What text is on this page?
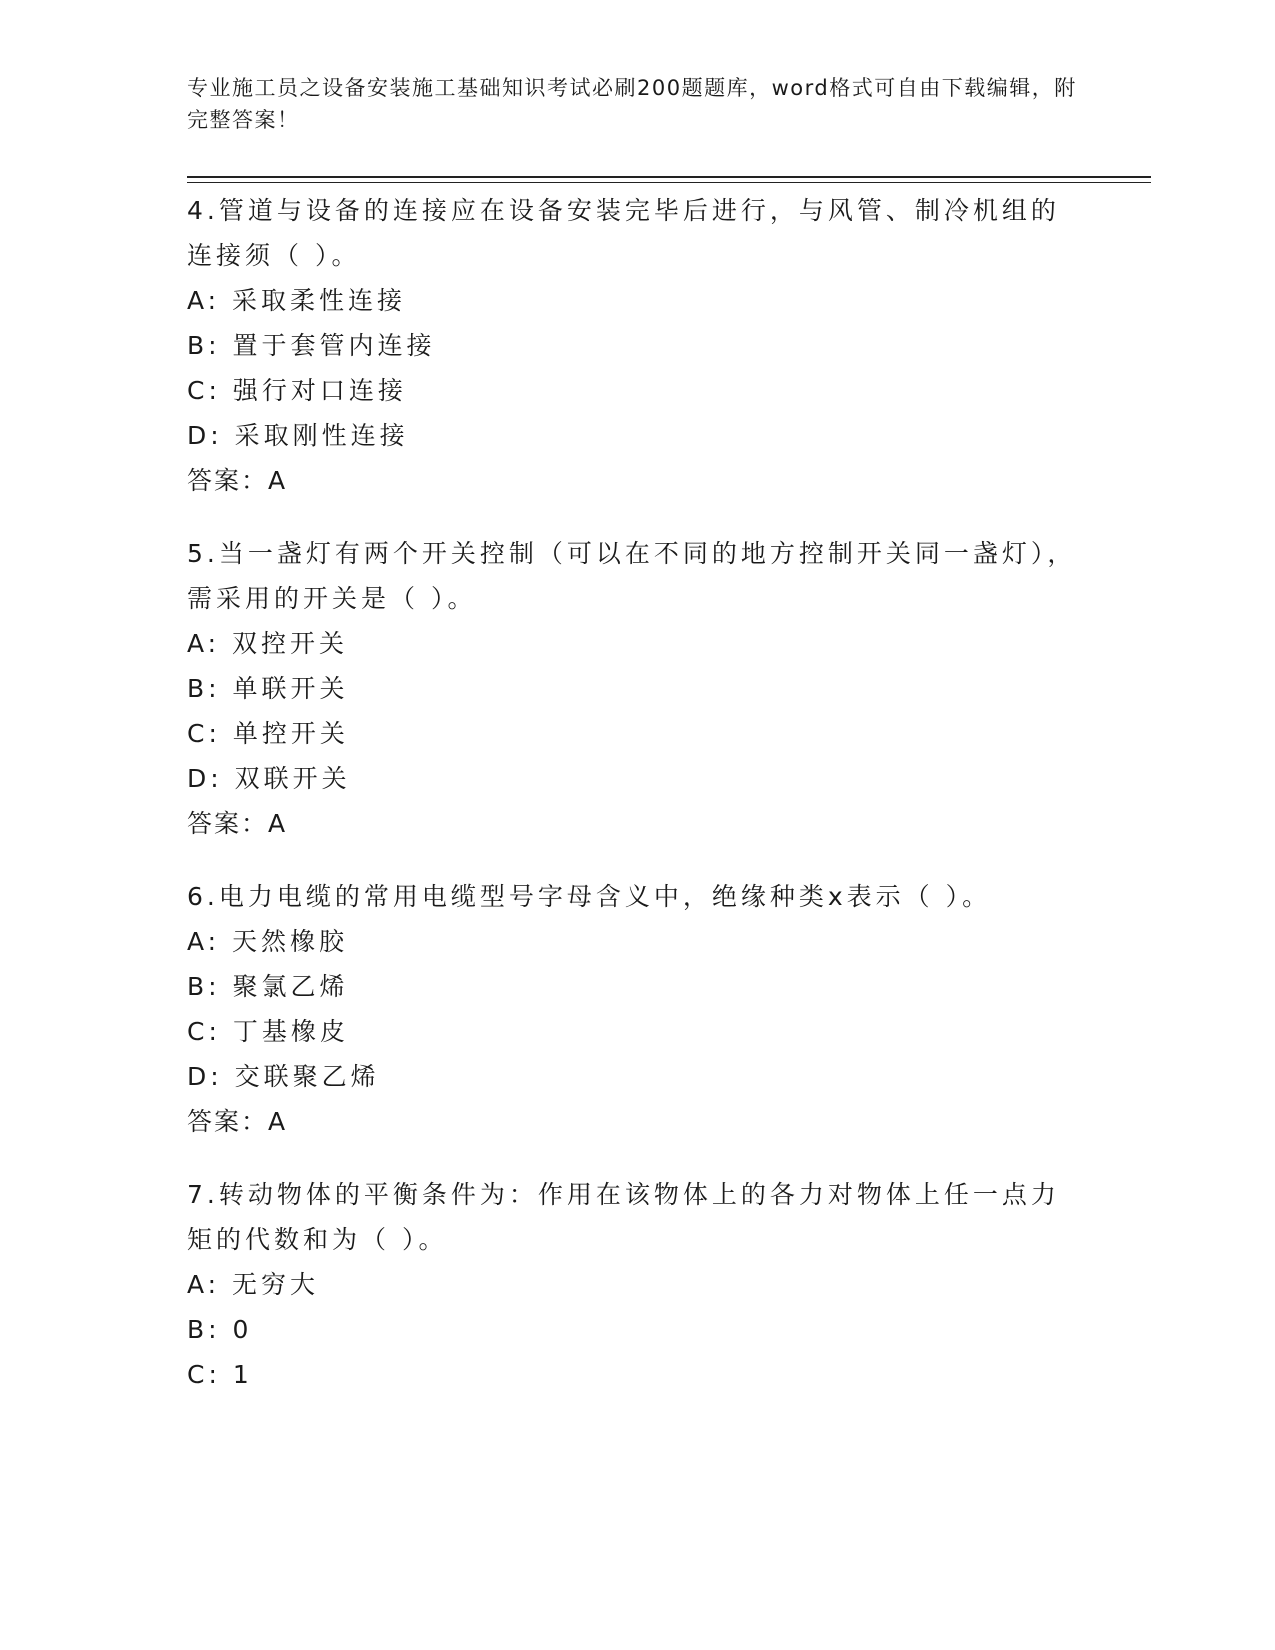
专业施工员之设备安装施工基础知识考试必刷200题题库，word格式可自由下载编辑，附完整答案！
4.管道与设备的连接应在设备安装完毕后进行，与风管、制冷机组的连接须（ ）。
A: 采取柔性连接
B: 置于套管内连接
C: 强行对口连接
D: 采取刚性连接
答案：A
5.当一盏灯有两个开关控制（可以在不同的地方控制开关同一盏灯），需采用的开关是（ ）。
A: 双控开关
B: 单联开关
C: 单控开关
D: 双联开关
答案：A
6.电力电缆的常用电缆型号字母含义中，绝缘种类x表示（ ）。
A: 天然橡胶
B: 聚氯乙烯
C: 丁基橡皮
D: 交联聚乙烯
答案：A
7.转动物体的平衡条件为：作用在该物体上的各力对物体上任一点力矩的代数和为（ ）。
A: 无穷大
B: 0
C: 1
